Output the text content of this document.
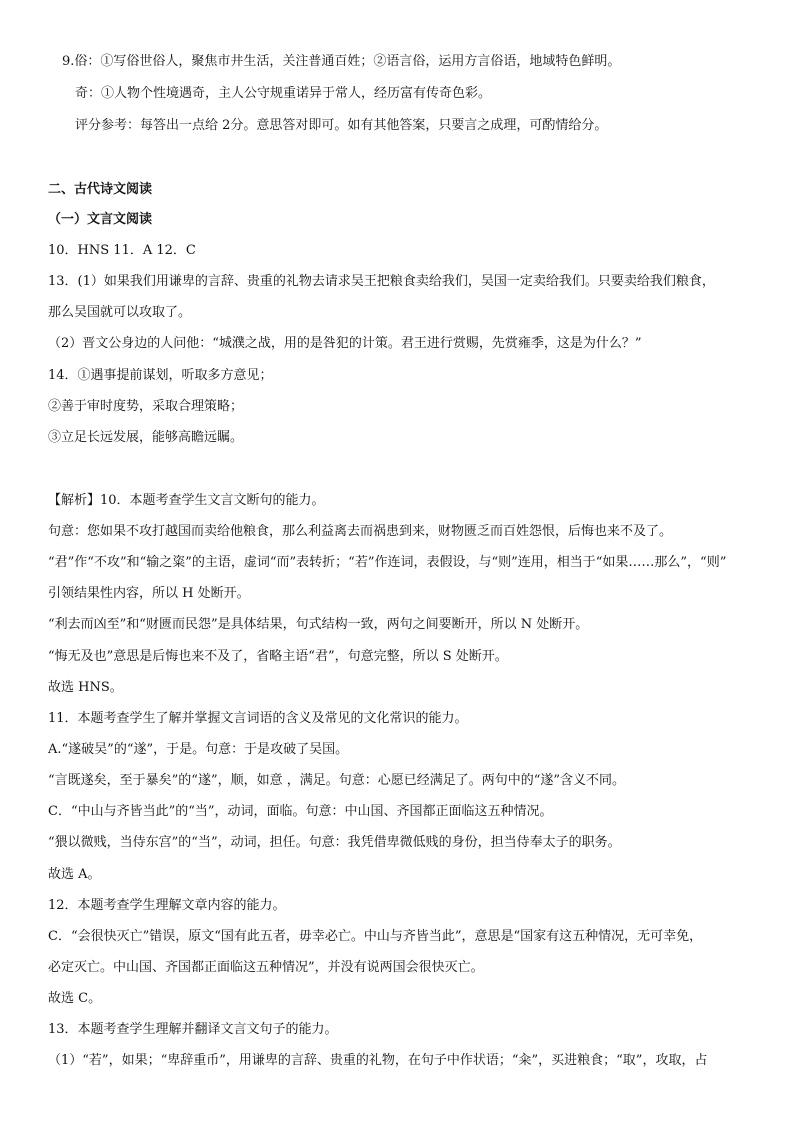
9.俗：①写俗世俗人，聚焦市井生活，关注普通百姓；②语言俗，运用方言俗语，地域特色鲜明。
奇：①人物个性境遇奇，主人公守规重诺异于常人，经历富有传奇色彩。
评分参考：每答出一点给 2分。意思答对即可。如有其他答案，只要言之成理，可酌情给分。
二、古代诗文阅读
（一）文言文阅读
10．HNS 11．A 12．C
13．(1）如果我们用谦卑的言辞、贵重的礼物去请求吴王把粮食卖给我们，吴国一定卖给我们。只要卖给我们粮食，
那么吴国就可以攻取了。
（2）晋文公身边的人问他：“城濮之战，用的是咎犯的计策。君王进行赏赐，先赏雍季，这是为什么？”
14．①遇事提前谋划，听取多方意见；
②善于审时度势，采取合理策略；
③立足长远发展，能够高瞻远瞩。
【解析】10．本题考查学生文言文断句的能力。
句意：您如果不攻打越国而卖给他粮食，那么利益离去而祸患到来，财物匮乏而百姓怨恨，后悔也来不及了。
“君”作“不攻”和“输之粢”的主语，虚词“而”表转折；“若”作连词，表假设，与“则”连用，相当于“如果……那么”，“则”
引领结果性内容，所以 H 处断开。
“利去而凶至”和“财匮而民怨”是具体结果，句式结构一致，两句之间要断开，所以 N 处断开。
“悔无及也”意思是后悔也来不及了，省略主语“君”，句意完整，所以 S 处断开。
故选 HNS。
11．本题考查学生了解并掌握文言词语的含义及常见的文化常识的能力。
A.“遂破吴”的“遂”，于是。句意：于是攻破了吴国。
“言既遂矣，至于暴矣”的“遂”，顺，如意 ，满足。句意：心愿已经满足了。两句中的“遂”含义不同。
C．“中山与齐皆当此”的“当”，动词，面临。句意：中山国、齐国都正面临这五种情况。
“猥以微贱，当侍东宫”的“当”，动词，担任。句意：我凭借卑微低贱的身份，担当侍奉太子的职务。
故选 A。
12．本题考查学生理解文章内容的能力。
C．“会很快灭亡”错误，原文“国有此五者，毋幸必亡。中山与齐皆当此”，意思是“国家有这五种情况，无可幸免，
必定灭亡。中山国、齐国都正面临这五种情况”，并没有说两国会很快灭亡。
故选 C。
13．本题考查学生理解并翻译文言文句子的能力。
（1）“若”，如果；“卑辞重币”，用谦卑的言辞、贵重的礼物，在句子中作状语；“籴”，买进粮食；“取”，攻取，占
